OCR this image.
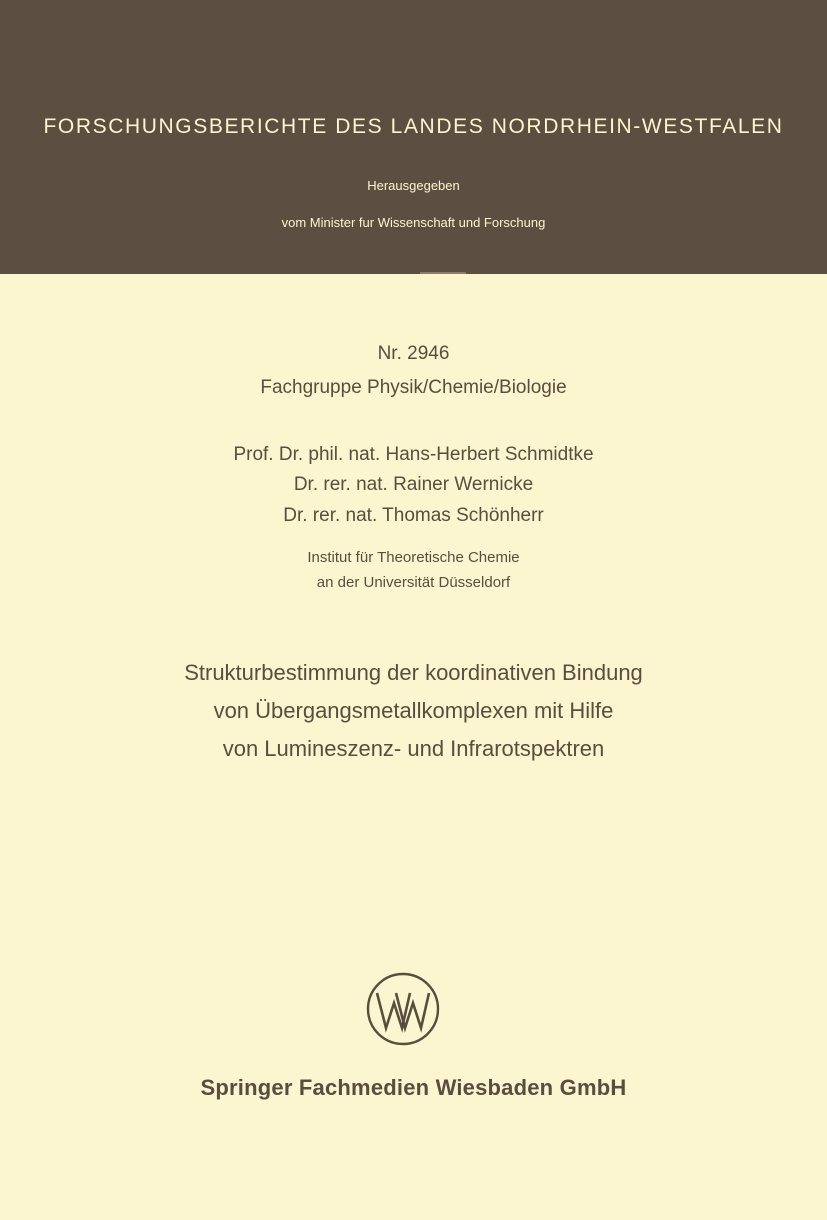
FORSCHUNGSBERICHTE DES LANDES NORDRHEIN-WESTFALEN
Herausgegeben
vom Minister fur Wissenschaft und Forschung
Nr. 2946
Fachgruppe Physik/Chemie/Biologie
Prof. Dr. phil. nat. Hans-Herbert Schmidtke
Dr. rer. nat. Rainer Wernicke
Dr. rer. nat. Thomas Schönherr
Institut für Theoretische Chemie
an der Universität Düsseldorf
Strukturbestimmung der koordinativen Bindung
von Übergangsmetallkomplexen mit Hilfe
von Lumineszenz- und Infrarotspektren
Springer Fachmedien Wiesbaden GmbH
